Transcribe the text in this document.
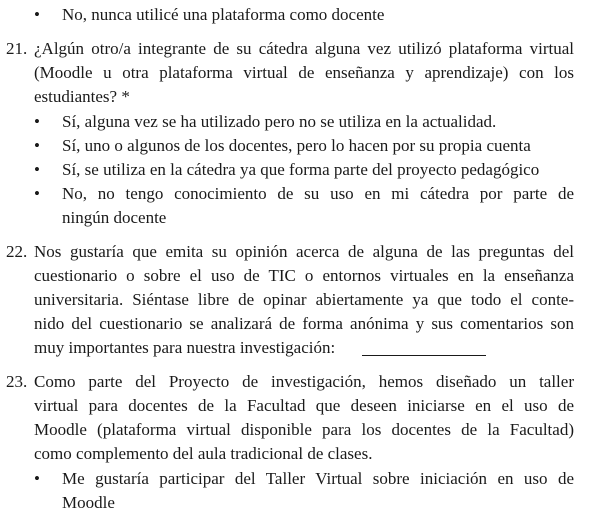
• No, nunca utilicé una plataforma como docente
21. ¿Algún otro/a integrante de su cátedra alguna vez utilizó plataforma virtual
(Moodle u otra plataforma virtual de enseñanza y aprendizaje) con los
estudiantes? *
• Sí, alguna vez se ha utilizado pero no se utiliza en la actualidad.
• Sí, uno o algunos de los docentes, pero lo hacen por su propia cuenta
• Sí, se utiliza en la cátedra ya que forma parte del proyecto pedagógico
• No, no tengo conocimiento de su uso en mi cátedra por parte de
ningún docente
22. Nos gustaría que emita su opinión acerca de alguna de las preguntas del
cuestionario o sobre el uso de TIC o entornos virtuales en la enseñanza
universitaria. Siéntase libre de opinar abiertamente ya que todo el conte-
nido del cuestionario se analizará de forma anónima y sus comentarios son
muy importantes para nuestra investigación:
23. Como parte del Proyecto de investigación, hemos diseñado un taller
virtual para docentes de la Facultad que deseen iniciarse en el uso de
Moodle (plataforma virtual disponible para los docentes de la Facultad)
como complemento del aula tradicional de clases.
• Me gustaría participar del Taller Virtual sobre iniciación en uso de
Moodle
